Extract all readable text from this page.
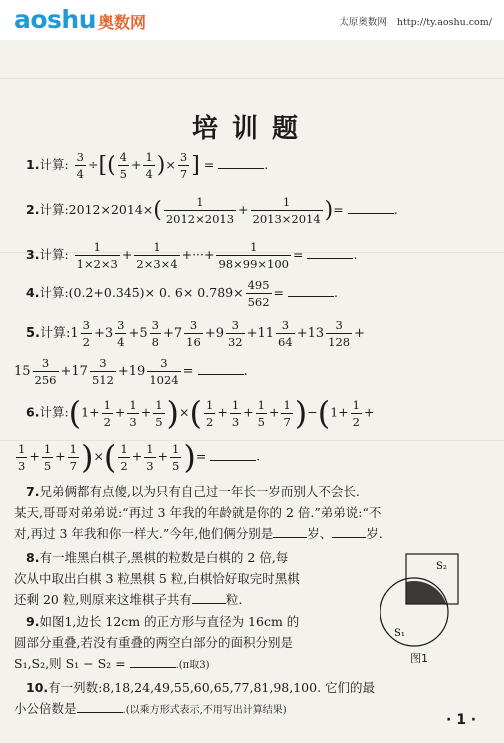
aoshu 奥数网	太原奥数网 http://ty.aoshu.com/
培训题
1.计算: $\frac{3}{4}$ ÷[( $\frac{4}{5} + \frac{1}{4}$ )× $\frac{3}{7}$ ] =	.
2.计算:2012×2014×( $\frac{1}{2012\times 2013} + \frac{1}{2013\times 2014}$ )=	.
3.计算: $\frac{1}{1\times 2\times 3} + \frac{1}{2\times 3\times 4}$ +···+ $\frac{1}{98\times 99\times 100}$ =	.
4.计算:(0.2̇+0.34̇5̇)× 0. 6× 0.78̇9̇× $\frac{495}{562}$ =	.
5.计算:1 $\frac{3}{2} +3 \frac{3}{4} +5 \frac{3}{8} +7 \frac{3}{16} +9 \frac{3}{32} +11 \frac{3}{64} +13 \frac{3}{128}$ +
$15 \frac{3}{256} +17 \frac{3}{512} +19 \frac{3}{1024}$ =	.
6.计算:(1+ $\frac{1}{2} + \frac{1}{3} + \frac{1}{5}$ )×( $\frac{1}{2} + \frac{1}{3} + \frac{1}{5} + \frac{1}{7} )-(1+ \frac{1}{2}$ +
$\frac{1}{3} + \frac{1}{5} + \frac{1}{7}$ )×( $\frac{1}{2} + \frac{1}{3} + \frac{1}{5}$ )=	.
7.兄弟俩都有点傻,以为只有自己过一年长一岁而别人不会长.
某天,哥哥对弟弟说:“再过 3 年我的年龄就是你的 2 倍.”弟弟说:“不
对,再过 3 年我和你一样大.”今年,他们俩分别是	岁、	岁.
8.有一堆黑白棋子,黑棋的粒数是白棋的 2 倍,每
次从中取出白棋 3 粒黑棋 5 粒,白棋恰好取完时黑棋
还剩 20 粒,则原来这堆棋子共有	粒.
9.如图1,边长 12cm 的正方形与直径为 16cm 的
圆部分重叠,若没有重叠的两空白部分的面积分别是
S₁,S₂,则 S₁ − S₂ =	.(π取3)
S₂
S₁
图1
10.有一列数:8,18,24,49,55,60,65,77,81,98,100. 它们的最
小公倍数是	.(以乘方形式表示,不用写出计算结果)
· 1 ·
